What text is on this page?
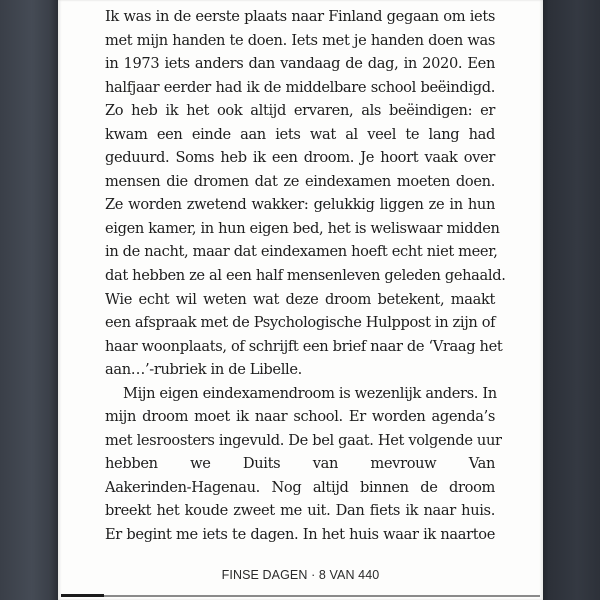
Ik was in de eerste plaats naar Finland gegaan om iets
met mijn handen te doen. Iets met je handen doen was
in 1973 iets anders dan vandaag de dag, in 2020. Een
halfjaar eerder had ik de middelbare school beëindigd.
Zo heb ik het ook altijd ervaren, als beëindigen: er
kwam een einde aan iets wat al veel te lang had
geduurd. Soms heb ik een droom. Je hoort vaak over
mensen die dromen dat ze eindexamen moeten doen.
Ze worden zwetend wakker: gelukkig liggen ze in hun
eigen kamer, in hun eigen bed, het is weliswaar midden
in de nacht, maar dat eindexamen hoeft echt niet meer,
dat hebben ze al een half mensenleven geleden gehaald.
Wie echt wil weten wat deze droom betekent, maakt
een afspraak met de Psychologische Hulppost in zijn of
haar woonplaats, of schrijft een brief naar de ‘Vraag het
aan…’-rubriek in de Libelle.
Mijn eigen eindexamendroom is wezenlijk anders. In
mijn droom moet ik naar school. Er worden agenda’s
met lesroosters ingevuld. De bel gaat. Het volgende uur
hebben we Duits van mevrouw Van
Aakerinden-Hagenau. Nog altijd binnen de droom
breekt het koude zweet me uit. Dan fiets ik naar huis.
Er begint me iets te dagen. In het huis waar ik naartoe
FINSE DAGEN · 8 VAN 440
